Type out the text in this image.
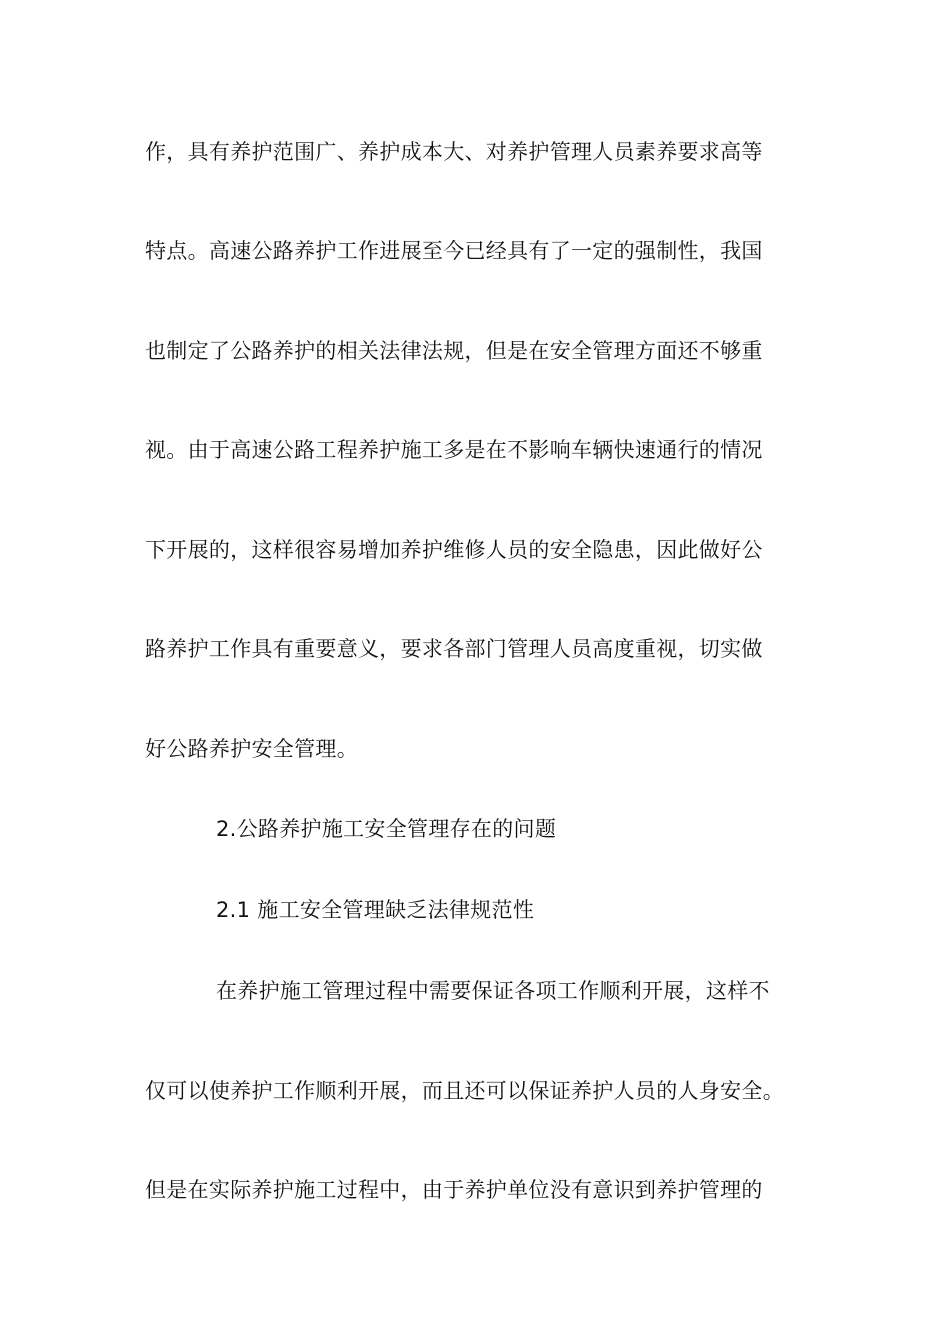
作，具有养护范围广、养护成本大、对养护管理人员素养要求高等
特点。高速公路养护工作进展至今已经具有了一定的强制性，我国
也制定了公路养护的相关法律法规，但是在安全管理方面还不够重
视。由于高速公路工程养护施工多是在不影响车辆快速通行的情况
下开展的，这样很容易增加养护维修人员的安全隐患，因此做好公
路养护工作具有重要意义，要求各部门管理人员高度重视，切实做
好公路养护安全管理。
2.公路养护施工安全管理存在的问题
2.1 施工安全管理缺乏法律规范性
在养护施工管理过程中需要保证各项工作顺利开展，这样不
仅可以使养护工作顺利开展，而且还可以保证养护人员的人身安全。
但是在实际养护施工过程中，由于养护单位没有意识到养护管理的
